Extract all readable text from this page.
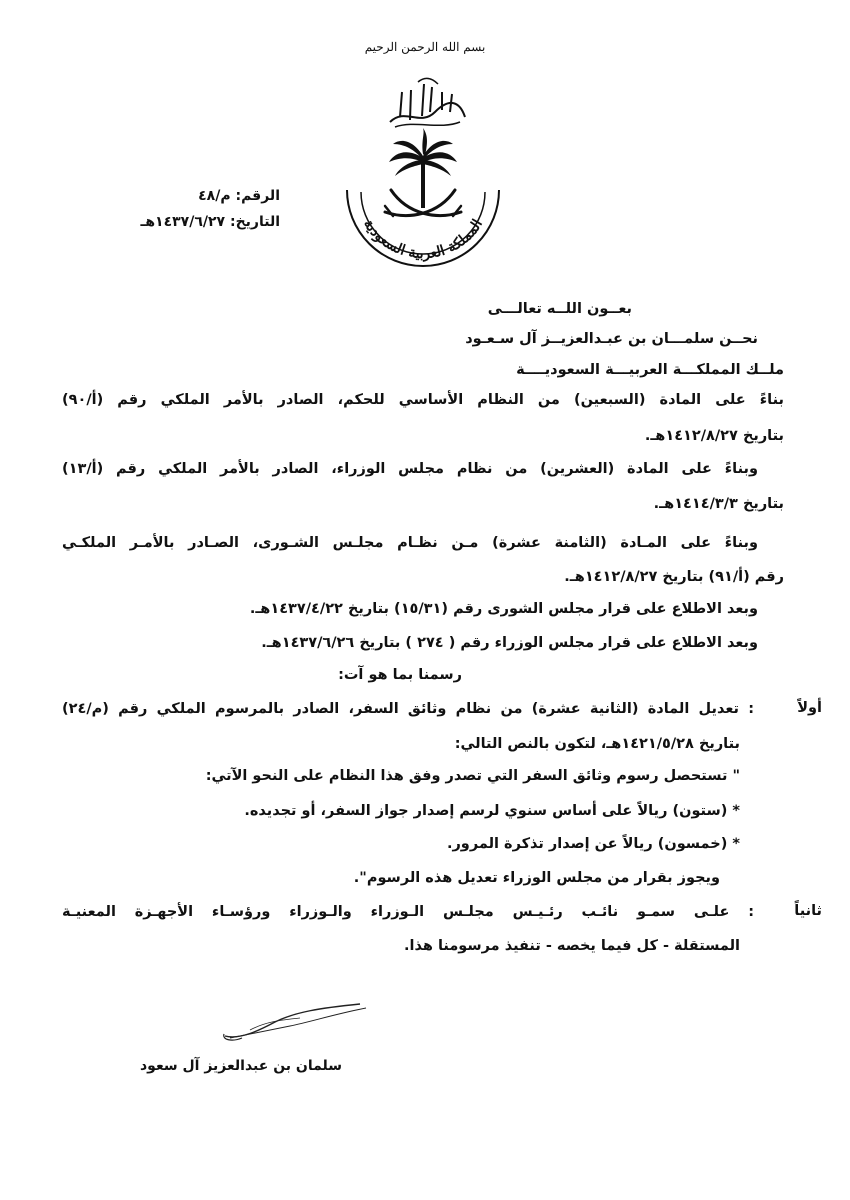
بسم الله الرحمن الرحيم
المملكة العربية السعودية
الرقم: م/٤٨
التاريخ: ١٤٣٧/٦/٢٧هـ
بعــون اللــه تعالـــى
نحــن سلمـــان بن عبـدالعزيــز آل سـعـود
ملــك المملكـــة العربيـــة السعوديــــة
بناءً على المادة (السبعين) من النظام الأساسي للحكم، الصادر بالأمر الملكي رقم (أ/٩٠)
بتاريخ ١٤١٢/٨/٢٧هـ.
وبناءً على المادة (العشرين) من نظام مجلس الوزراء، الصادر بالأمر الملكي رقم (أ/١٣)
بتاريخ ١٤١٤/٣/٣هـ.
وبناءً على المـادة (الثامنة عشرة) مـن نظـام مجلـس الشـورى، الصـادر بالأمـر الملكـي
رقم (أ/٩١) بتاريخ ١٤١٢/٨/٢٧هـ.
وبعد الاطلاع على قرار مجلس الشورى رقم (١٥/٣١) بتاريخ ١٤٣٧/٤/٢٢هـ.
وبعد الاطلاع على قرار مجلس الوزراء رقم ( ٢٧٤ ) بتاريخ ١٤٣٧/٦/٢٦هـ.
رسمنا بما هو آت:
أولاً
: تعديل المادة (الثانية عشرة) من نظام وثائق السفر، الصادر بالمرسوم الملكي رقم (م/٢٤)
بتاريخ ١٤٢١/٥/٢٨هـ، لتكون بالنص التالي:
" تستحصل رسوم وثائق السفر التي تصدر وفق هذا النظام على النحو الآتي:
* (ستون) ريالاً على أساس سنوي لرسم إصدار جواز السفر، أو تجديده.
* (خمسون) ريالاً عن إصدار تذكرة المرور.
ويجوز بقرار من مجلس الوزراء تعديل هذه الرسوم".
ثانياً
: علـى سمـو نائـب رئـيـس مجلـس الـوزراء والـوزراء ورؤسـاء الأجهـزة المعنيـة
المستقلة - كل فيما يخصه - تنفيذ مرسومنا هذا.
سلمان بن عبدالعزيز آل سعود
